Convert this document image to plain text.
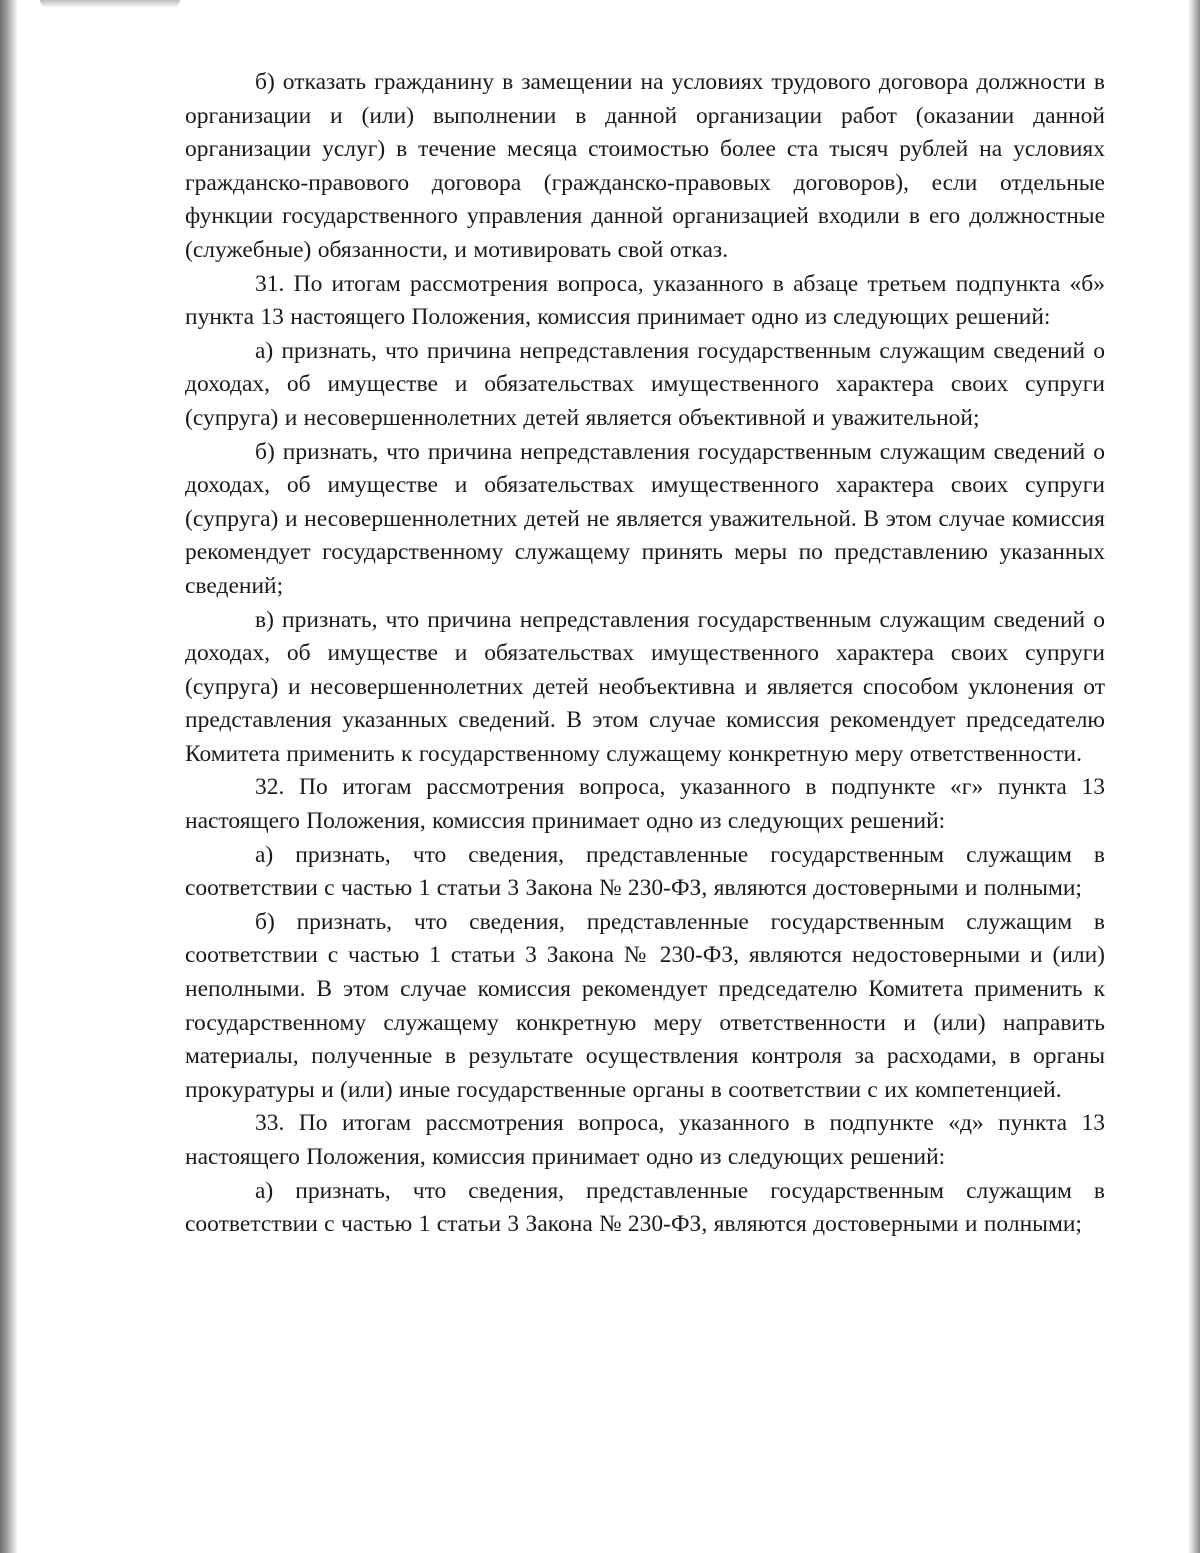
б) отказать гражданину в замещении на условиях трудового договора должности в организации и (или) выполнении в данной организации работ (оказании данной организации услуг) в течение месяца стоимостью более ста тысяч рублей на условиях гражданско-правового договора (гражданско-правовых договоров), если отдельные функции государственного управления данной организацией входили в его должностные (служебные) обязанности, и мотивировать свой отказ.

31. По итогам рассмотрения вопроса, указанного в абзаце третьем подпункта «б» пункта 13 настоящего Положения, комиссия принимает одно из следующих решений:

а) признать, что причина непредставления государственным служащим сведений о доходах, об имуществе и обязательствах имущественного характера своих супруги (супруга) и несовершеннолетних детей является объективной и уважительной;

б) признать, что причина непредставления государственным служащим сведений о доходах, об имуществе и обязательствах имущественного характера своих супруги (супруга) и несовершеннолетних детей не является уважительной. В этом случае комиссия рекомендует государственному служащему принять меры по представлению указанных сведений;

в) признать, что причина непредставления государственным служащим сведений о доходах, об имуществе и обязательствах имущественного характера своих супруги (супруга) и несовершеннолетних детей необъективна и является способом уклонения от представления указанных сведений. В этом случае комиссия рекомендует председателю Комитета применить к государственному служащему конкретную меру ответственности.

32. По итогам рассмотрения вопроса, указанного в подпункте «г» пункта 13 настоящего Положения, комиссия принимает одно из следующих решений:

а) признать, что сведения, представленные государственным служащим в соответствии с частью 1 статьи 3 Закона № 230-ФЗ, являются достоверными и полными;

б) признать, что сведения, представленные государственным служащим в соответствии с частью 1 статьи 3 Закона № 230-ФЗ, являются недостоверными и (или) неполными. В этом случае комиссия рекомендует председателю Комитета применить к государственному служащему конкретную меру ответственности и (или) направить материалы, полученные в результате осуществления контроля за расходами, в органы прокуратуры и (или) иные государственные органы в соответствии с их компетенцией.

33. По итогам рассмотрения вопроса, указанного в подпункте «д» пункта 13 настоящего Положения, комиссия принимает одно из следующих решений:

а) признать, что сведения, представленные государственным служащим в соответствии с частью 1 статьи 3 Закона № 230-ФЗ, являются достоверными и полными;
